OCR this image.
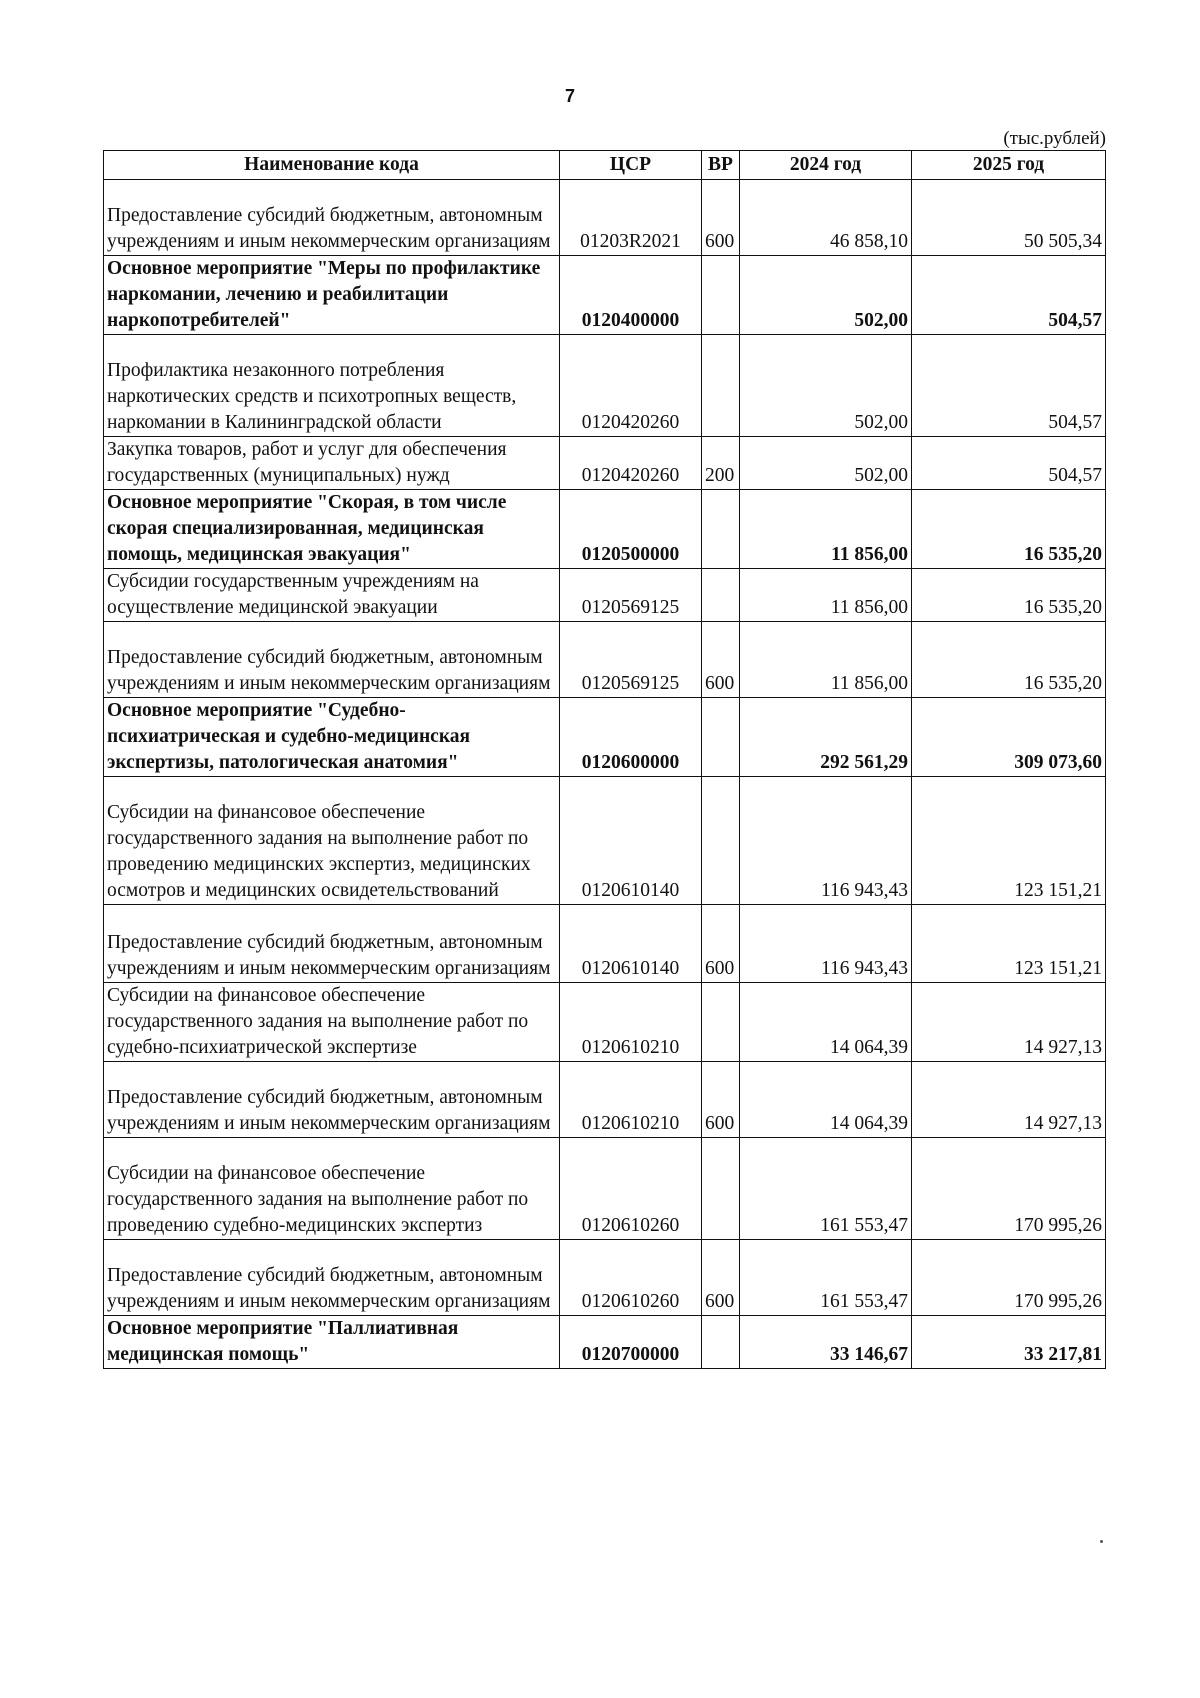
7
(тыс.рублей)
Наименование кода	ЦСР	ВР	2024 год	2025 год
Предоставление субсидий бюджетным, автономным учреждениям и иным некоммерческим организациям	01203R2021	600	46 858,10	50 505,34
Основное мероприятие "Меры по профилактике наркомании, лечению и реабилитации наркопотребителей"	0120400000		502,00	504,57
Профилактика незаконного потребления наркотических средств и психотропных веществ, наркомании в Калининградской области	0120420260		502,00	504,57
Закупка товаров, работ и услуг для обеспечения государственных (муниципальных) нужд	0120420260	200	502,00	504,57
Основное мероприятие "Скорая, в том числе скорая специализированная, медицинская помощь, медицинская эвакуация"	0120500000		11 856,00	16 535,20
Субсидии государственным учреждениям на осуществление медицинской эвакуации	0120569125		11 856,00	16 535,20
Предоставление субсидий бюджетным, автономным учреждениям и иным некоммерческим организациям	0120569125	600	11 856,00	16 535,20
Основное мероприятие "Судебно-психиатрическая и судебно-медицинская экспертизы, патологическая анатомия"	0120600000		292 561,29	309 073,60
Субсидии на финансовое обеспечение государственного задания на выполнение работ по проведению медицинских экспертиз, медицинских осмотров и медицинских освидетельствований	0120610140		116 943,43	123 151,21
Предоставление субсидий бюджетным, автономным учреждениям и иным некоммерческим организациям	0120610140	600	116 943,43	123 151,21
Субсидии на финансовое обеспечение государственного задания на выполнение работ по судебно-психиатрической экспертизе	0120610210		14 064,39	14 927,13
Предоставление субсидий бюджетным, автономным учреждениям и иным некоммерческим организациям	0120610210	600	14 064,39	14 927,13
Субсидии на финансовое обеспечение государственного задания на выполнение работ по проведению судебно-медицинских экспертиз	0120610260		161 553,47	170 995,26
Предоставление субсидий бюджетным, автономным учреждениям и иным некоммерческим организациям	0120610260	600	161 553,47	170 995,26
Основное мероприятие "Паллиативная медицинская помощь"	0120700000		33 146,67	33 217,81
